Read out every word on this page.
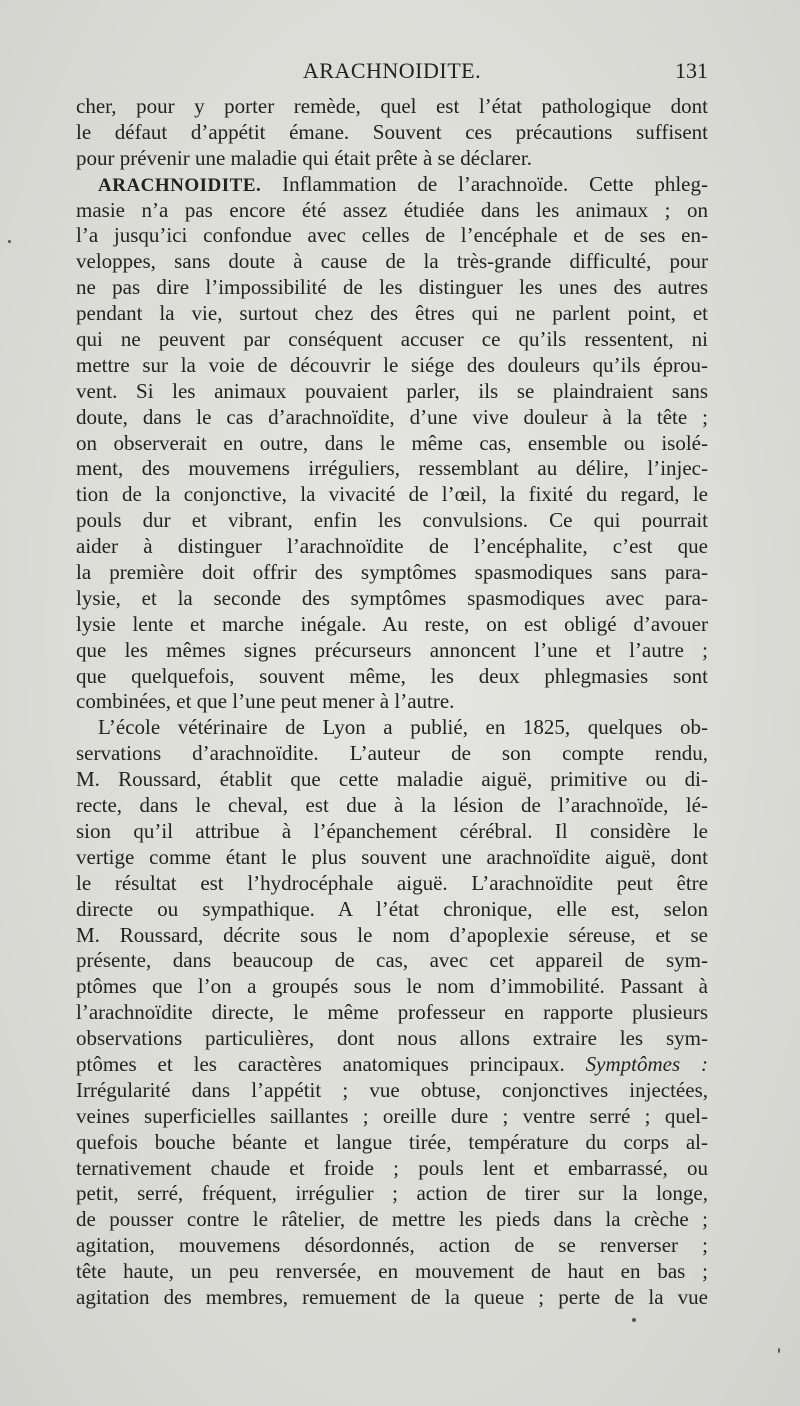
ARACHNOIDITE.	131
cher, pour y porter remède, quel est l’état pathologique dont
le défaut d’appétit émane. Souvent ces précautions suffisent
pour prévenir une maladie qui était prête à se déclarer.
ARACHNOIDITE. Inflammation de l’arachnoïde. Cette phleg-
masie n’a pas encore été assez étudiée dans les animaux ; on
l’a jusqu’ici confondue avec celles de l’encéphale et de ses en-
veloppes, sans doute à cause de la très-grande difficulté, pour
ne pas dire l’impossibilité de les distinguer les unes des autres
pendant la vie, surtout chez des êtres qui ne parlent point, et
qui ne peuvent par conséquent accuser ce qu’ils ressentent, ni
mettre sur la voie de découvrir le siége des douleurs qu’ils éprou-
vent. Si les animaux pouvaient parler, ils se plaindraient sans
doute, dans le cas d’arachnoïdite, d’une vive douleur à la tête ;
on observerait en outre, dans le même cas, ensemble ou isolé-
ment, des mouvemens irréguliers, ressemblant au délire, l’injec-
tion de la conjonctive, la vivacité de l’œil, la fixité du regard, le
pouls dur et vibrant, enfin les convulsions. Ce qui pourrait
aider à distinguer l’arachnoïdite de l’encéphalite, c’est que
la première doit offrir des symptômes spasmodiques sans para-
lysie, et la seconde des symptômes spasmodiques avec para-
lysie lente et marche inégale. Au reste, on est obligé d’avouer
que les mêmes signes précurseurs annoncent l’une et l’autre ;
que quelquefois, souvent même, les deux phlegmasies sont
combinées, et que l’une peut mener à l’autre.
L’école vétérinaire de Lyon a publié, en 1825, quelques ob-
servations d’arachnoïdite. L’auteur de son compte rendu,
M. Roussard, établit que cette maladie aiguë, primitive ou di-
recte, dans le cheval, est due à la lésion de l’arachnoïde, lé-
sion qu’il attribue à l’épanchement cérébral. Il considère le
vertige comme étant le plus souvent une arachnoïdite aiguë, dont
le résultat est l’hydrocéphale aiguë. L’arachnoïdite peut être
directe ou sympathique. A l’état chronique, elle est, selon
M. Roussard, décrite sous le nom d’apoplexie séreuse, et se
présente, dans beaucoup de cas, avec cet appareil de sym-
ptômes que l’on a groupés sous le nom d’immobilité. Passant à
l’arachnoïdite directe, le même professeur en rapporte plusieurs
observations particulières, dont nous allons extraire les sym-
ptômes et les caractères anatomiques principaux. Symptômes :
Irrégularité dans l’appétit ; vue obtuse, conjonctives injectées,
veines superficielles saillantes ; oreille dure ; ventre serré ; quel-
quefois bouche béante et langue tirée, température du corps al-
ternativement chaude et froide ; pouls lent et embarrassé, ou
petit, serré, fréquent, irrégulier ; action de tirer sur la longe,
de pousser contre le râtelier, de mettre les pieds dans la crèche ;
agitation, mouvemens désordonnés, action de se renverser ;
tête haute, un peu renversée, en mouvement de haut en bas ;
agitation des membres, remuement de la queue ; perte de la vue
